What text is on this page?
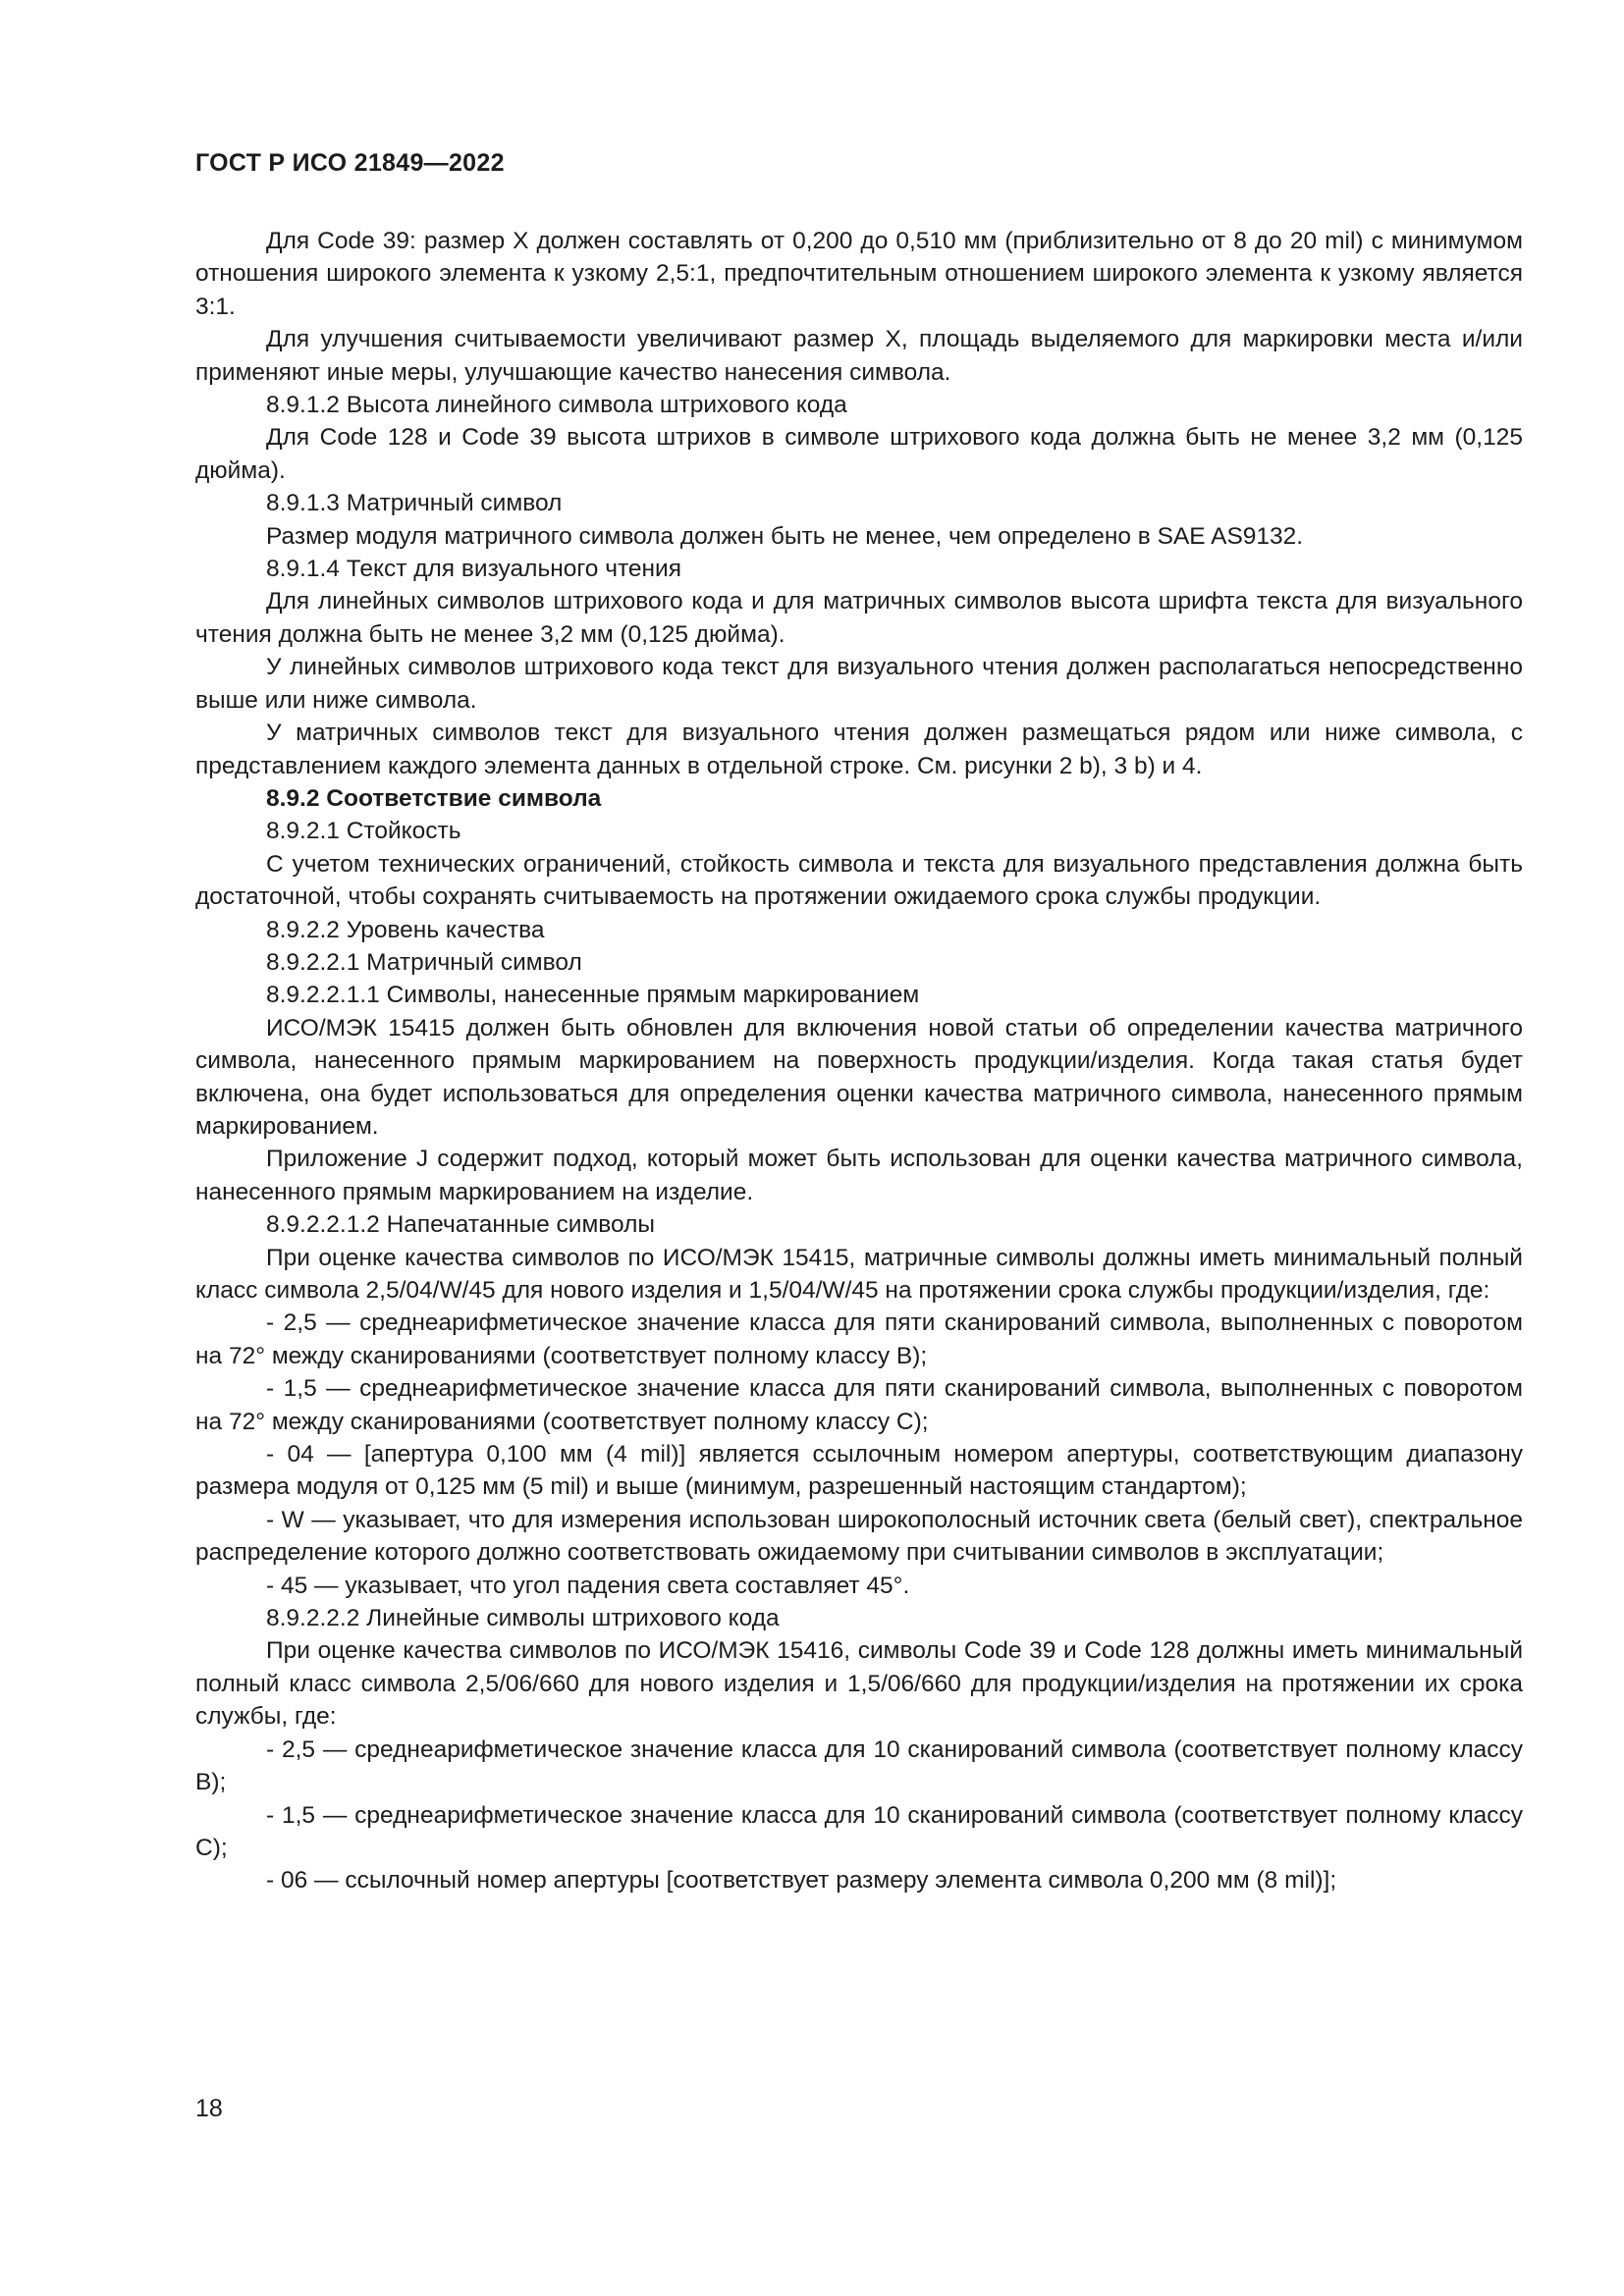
ГОСТ Р ИСО 21849—2022

Для Code 39: размер X должен составлять от 0,200 до 0,510 мм (приблизительно от 8 до 20 mil) с минимумом отношения широкого элемента к узкому 2,5:1, предпочтительным отношением широкого элемента к узкому является 3:1.

Для улучшения считываемости увеличивают размер X, площадь выделяемого для маркировки места и/или применяют иные меры, улучшающие качество нанесения символа.

8.9.1.2 Высота линейного символа штрихового кода

Для Code 128 и Code 39 высота штрихов в символе штрихового кода должна быть не менее 3,2 мм (0,125 дюйма).

8.9.1.3 Матричный символ

Размер модуля матричного символа должен быть не менее, чем определено в SAE AS9132.

8.9.1.4 Текст для визуального чтения

Для линейных символов штрихового кода и для матричных символов высота шрифта текста для визуального чтения должна быть не менее 3,2 мм (0,125 дюйма).

У линейных символов штрихового кода текст для визуального чтения должен располагаться непосредственно выше или ниже символа.

У матричных символов текст для визуального чтения должен размещаться рядом или ниже символа, с представлением каждого элемента данных в отдельной строке. См. рисунки 2 b), 3 b) и 4.

8.9.2 Соответствие символа

8.9.2.1 Стойкость

С учетом технических ограничений, стойкость символа и текста для визуального представления должна быть достаточной, чтобы сохранять считываемость на протяжении ожидаемого срока службы продукции.

8.9.2.2 Уровень качества

8.9.2.2.1 Матричный символ

8.9.2.2.1.1 Символы, нанесенные прямым маркированием

ИСО/МЭК 15415 должен быть обновлен для включения новой статьи об определении качества матричного символа, нанесенного прямым маркированием на поверхность продукции/изделия. Когда такая статья будет включена, она будет использоваться для определения оценки качества матричного символа, нанесенного прямым маркированием.

Приложение J содержит подход, который может быть использован для оценки качества матричного символа, нанесенного прямым маркированием на изделие.

8.9.2.2.1.2 Напечатанные символы

При оценке качества символов по ИСО/МЭК 15415, матричные символы должны иметь минимальный полный класс символа 2,5/04/W/45 для нового изделия и 1,5/04/W/45 на протяжении срока службы продукции/изделия, где:

- 2,5 — среднеарифметическое значение класса для пяти сканирований символа, выполненных с поворотом на 72° между сканированиями (соответствует полному классу B);

- 1,5 — среднеарифметическое значение класса для пяти сканирований символа, выполненных с поворотом на 72° между сканированиями (соответствует полному классу C);

- 04 — [апертура 0,100 мм (4 mil)] является ссылочным номером апертуры, соответствующим диапазону размера модуля от 0,125 мм (5 mil) и выше (минимум, разрешенный настоящим стандартом);

- W — указывает, что для измерения использован широкополосный источник света (белый свет), спектральное распределение которого должно соответствовать ожидаемому при считывании символов в эксплуатации;

- 45 — указывает, что угол падения света составляет 45°.

8.9.2.2.2 Линейные символы штрихового кода

При оценке качества символов по ИСО/МЭК 15416, символы Code 39 и Code 128 должны иметь минимальный полный класс символа 2,5/06/660 для нового изделия и 1,5/06/660 для продукции/изделия на протяжении их срока службы, где:

- 2,5 — среднеарифметическое значение класса для 10 сканирований символа (соответствует полному классу B);

- 1,5 — среднеарифметическое значение класса для 10 сканирований символа (соответствует полному классу C);

- 06 — ссылочный номер апертуры [соответствует размеру элемента символа 0,200 мм (8 mil)];

18
